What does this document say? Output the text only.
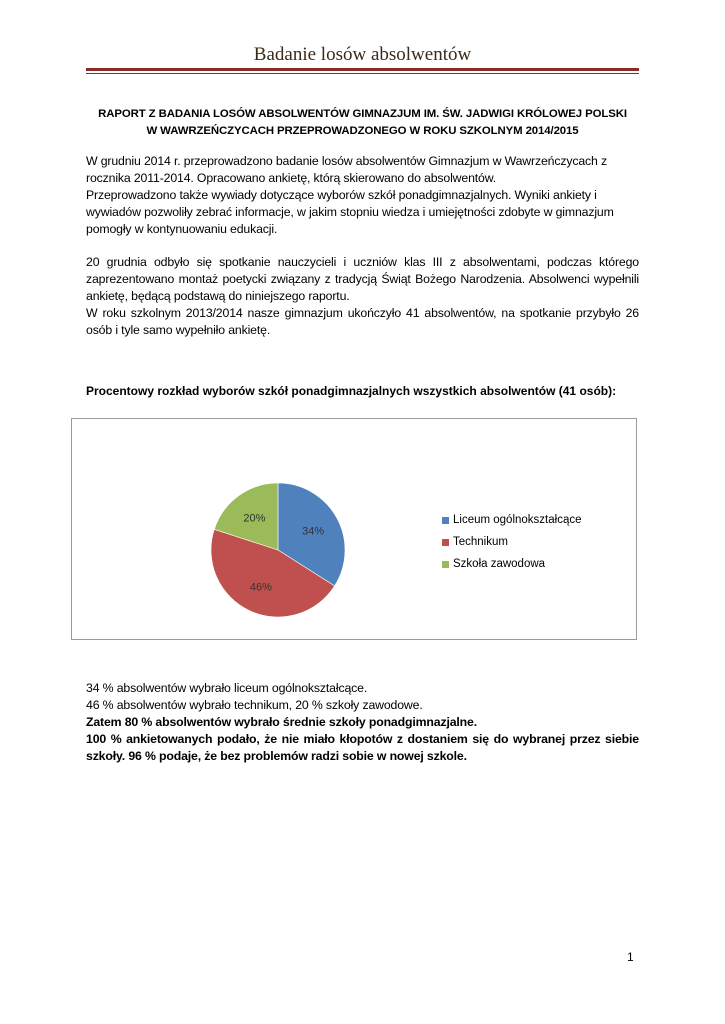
Badanie losów absolwentów
RAPORT Z BADANIA LOSÓW ABSOLWENTÓW GIMNAZJUM IM. ŚW. JADWIGI KRÓLOWEJ POLSKI
W WAWRZEŃCZYCACH PRZEPROWADZONEGO W ROKU SZKOLNYM 2014/2015

W grudniu 2014 r. przeprowadzono badanie losów absolwentów Gimnazjum w Wawrzeńczycach z rocznika 2011-2014. Opracowano ankietę, którą skierowano do absolwentów.

Przeprowadzono także wywiady dotyczące wyborów szkół ponadgimnazjalnych. Wyniki ankiety i wywiadów pozwoliły zebrać informacje, w jakim stopniu wiedza i umiejętności zdobyte w gimnazjum pomogły w kontynuowaniu edukacji.

20 grudnia odbyło się spotkanie nauczycieli i uczniów klas III z absolwentami, podczas którego zaprezentowano montaż poetycki związany z tradycją Świąt Bożego Narodzenia. Absolwenci wypełnili ankietę, będącą podstawą do niniejszego raportu.

W roku szkolnym 2013/2014 nasze gimnazjum ukończyło 41 absolwentów, na spotkanie przybyło 26 osób i tyle samo wypełniło ankietę.

Procentowy rozkład wyborów szkół ponadgimnazjalnych wszystkich absolwentów (41 osób):
34%
46%
20%	Liceum ogólnokształcące
Technikum
Szkoła zawodowa

34 % absolwentów wybrało liceum ogólnokształcące.

46 % absolwentów wybrało technikum, 20 % szkoły zawodowe.

Zatem 80 % absolwentów wybrało średnie szkoły ponadgimnazjalne.

100 % ankietowanych podało, że nie miało kłopotów z dostaniem się do wybranej przez siebie szkoły. 96 % podaje, że bez problemów radzi sobie w nowej szkole.

1
